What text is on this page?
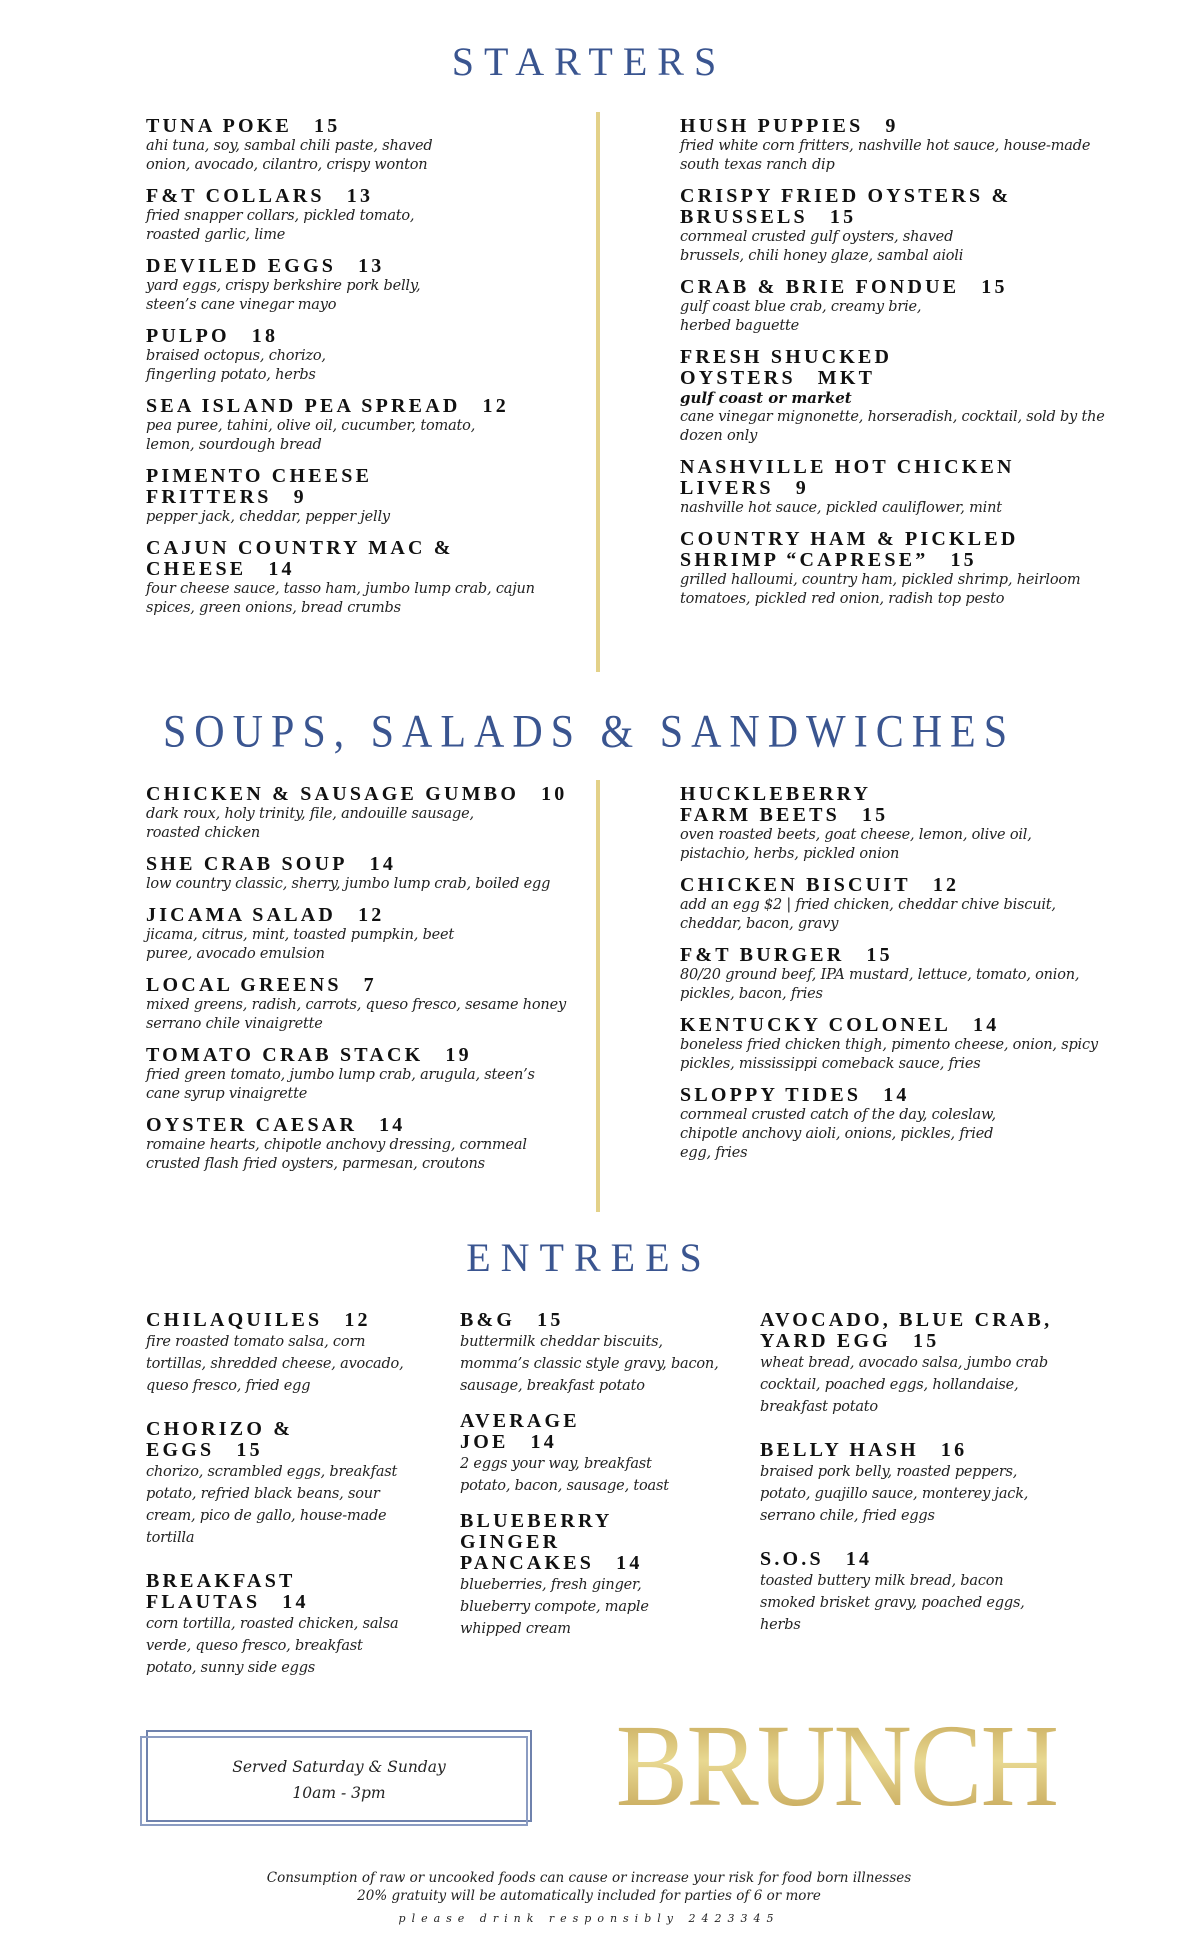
STARTERS
TUNA POKE 15
ahi tuna, soy, sambal chili paste, shaved onion, avocado, cilantro, crispy wonton
F&T COLLARS 13
fried snapper collars, pickled tomato, roasted garlic, lime
DEVILED EGGS 13
yard eggs, crispy berkshire pork belly, steen’s cane vinegar mayo
PULPO 18
braised octopus, chorizo, fingerling potato, herbs
SEA ISLAND PEA SPREAD 12
pea puree, tahini, olive oil, cucumber, tomato, lemon, sourdough bread
PIMENTO CHEESE FRITTERS 9
pepper jack, cheddar, pepper jelly
CAJUN COUNTRY MAC & CHEESE 14
four cheese sauce, tasso ham, jumbo lump crab, cajun spices, green onions, bread crumbs
HUSH PUPPIES 9
fried white corn fritters, nashville hot sauce, house-made south texas ranch dip
CRISPY FRIED OYSTERS & BRUSSELS 15
cornmeal crusted gulf oysters, shaved brussels, chili honey glaze, sambal aioli
CRAB & BRIE FONDUE 15
gulf coast blue crab, creamy brie, herbed baguette
FRESH SHUCKED OYSTERS MKT
gulf coast or market
cane vinegar mignonette, horseradish, cocktail, sold by the dozen only
NASHVILLE HOT CHICKEN LIVERS 9
nashville hot sauce, pickled cauliflower, mint
COUNTRY HAM & PICKLED SHRIMP “CAPRESE” 15
grilled halloumi, country ham, pickled shrimp, heirloom tomatoes, pickled red onion, radish top pesto
SOUPS, SALADS & SANDWICHES
CHICKEN & SAUSAGE GUMBO 10
dark roux, holy trinity, file, andouille sausage, roasted chicken
SHE CRAB SOUP 14
low country classic, sherry, jumbo lump crab, boiled egg
JICAMA SALAD 12
jicama, citrus, mint, toasted pumpkin, beet puree, avocado emulsion
LOCAL GREENS 7
mixed greens, radish, carrots, queso fresco, sesame honey serrano chile vinaigrette
TOMATO CRAB STACK 19
fried green tomato, jumbo lump crab, arugula, steen’s cane syrup vinaigrette
OYSTER CAESAR 14
romaine hearts, chipotle anchovy dressing, cornmeal crusted flash fried oysters, parmesan, croutons
HUCKLEBERRY FARM BEETS 15
oven roasted beets, goat cheese, lemon, olive oil, pistachio, herbs, pickled onion
CHICKEN BISCUIT 12
add an egg $2 | fried chicken, cheddar chive biscuit, cheddar, bacon, gravy
F&T BURGER 15
80/20 ground beef, IPA mustard, lettuce, tomato, onion, pickles, bacon, fries
KENTUCKY COLONEL 14
boneless fried chicken thigh, pimento cheese, onion, spicy pickles, mississippi comeback sauce, fries
SLOPPY TIDES 14
cornmeal crusted catch of the day, coleslaw, chipotle anchovy aioli, onions, pickles, fried egg, fries
ENTREES
CHILAQUILES 12
fire roasted tomato salsa, corn tortillas, shredded cheese, avocado, queso fresco, fried egg
CHORIZO & EGGS 15
chorizo, scrambled eggs, breakfast potato, refried black beans, sour cream, pico de gallo, house-made tortilla
BREAKFAST FLAUTAS 14
corn tortilla, roasted chicken, salsa verde, queso fresco, breakfast potato, sunny side eggs
B&G 15
buttermilk cheddar biscuits, momma’s classic style gravy, bacon, sausage, breakfast potato
AVERAGE JOE 14
2 eggs your way, breakfast potato, bacon, sausage, toast
BLUEBERRY GINGER PANCAKES 14
blueberries, fresh ginger, blueberry compote, maple whipped cream
AVOCADO, BLUE CRAB, YARD EGG 15
wheat bread, avocado salsa, jumbo crab cocktail, poached eggs, hollandaise, breakfast potato
BELLY HASH 16
braised pork belly, roasted peppers, potato, guajillo sauce, monterey jack, serrano chile, fried eggs
S.O.S 14
toasted buttery milk bread, bacon smoked brisket gravy, poached eggs, herbs
Served Saturday & Sunday
10am - 3pm	BRUNCH
Consumption of raw or uncooked foods can cause or increase your risk for food born illnesses
20% gratuity will be automatically included for parties of 6 or more
please drink responsibly 2423345
